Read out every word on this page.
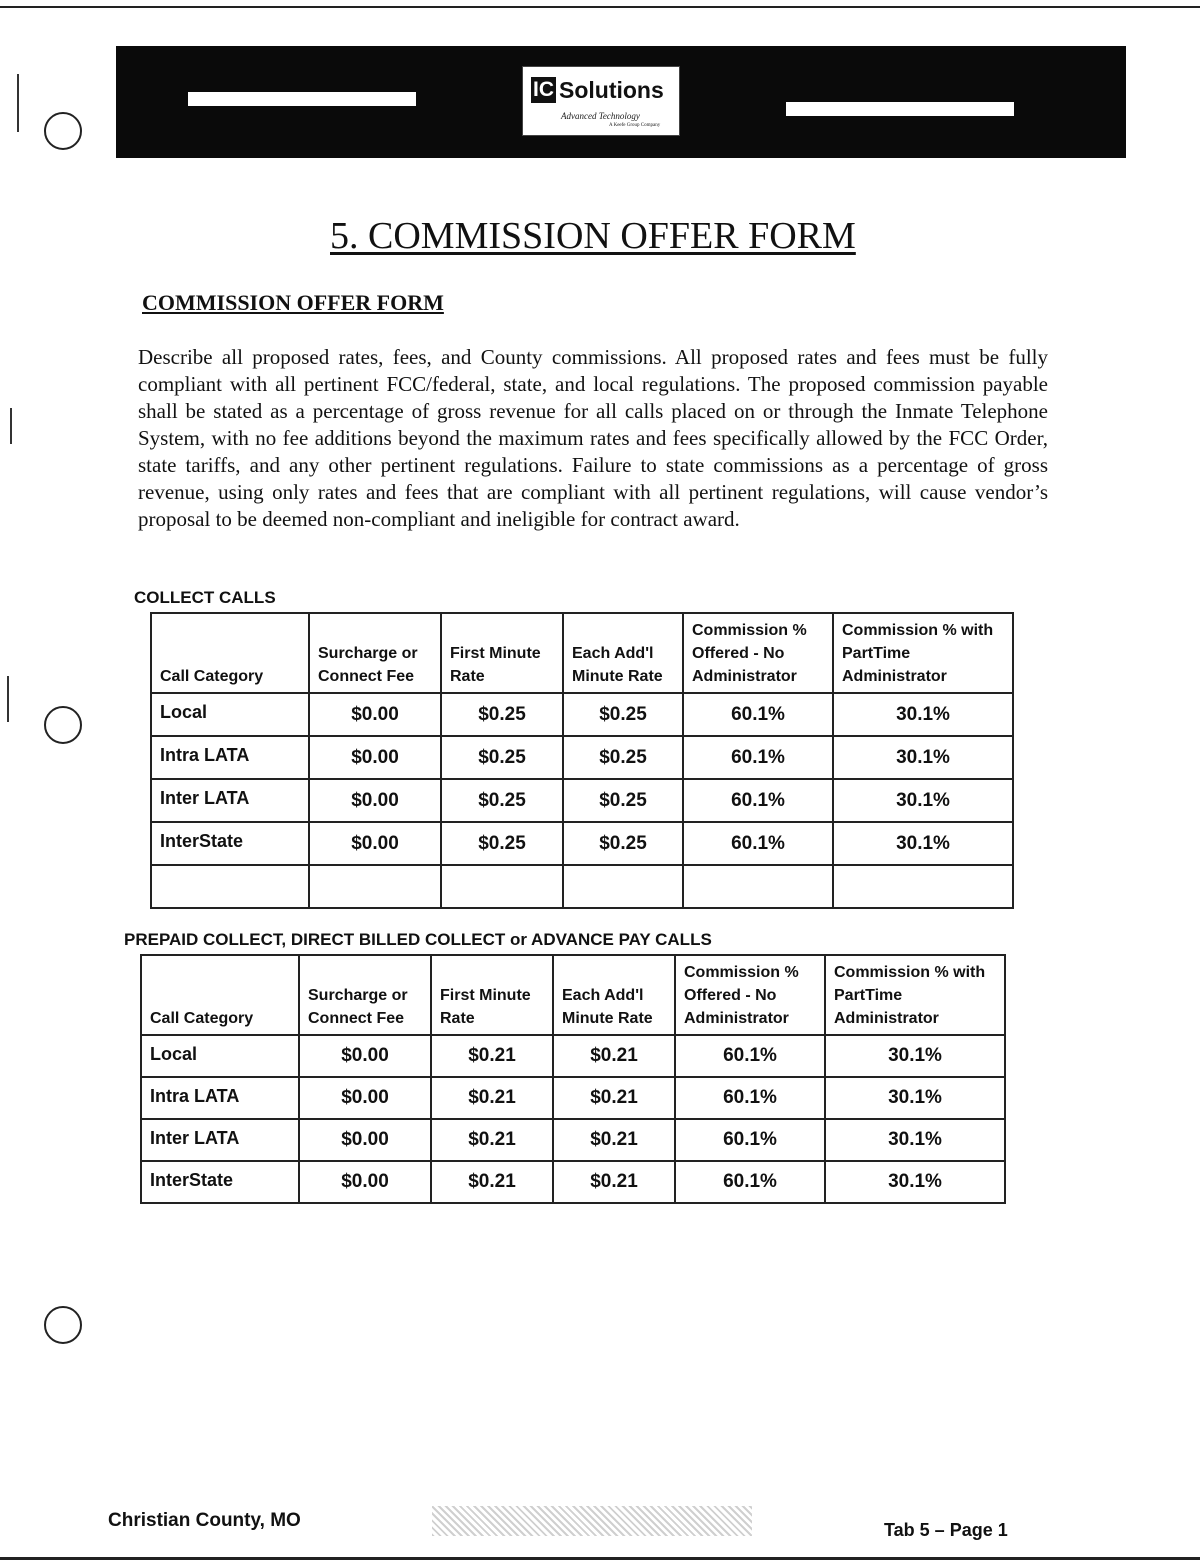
IC Solutions
Advanced Technology
A Keefe Group Company
5. COMMISSION OFFER FORM
COMMISSION OFFER FORM

Describe all proposed rates, fees, and County commissions. All proposed rates and fees must be fully compliant with all pertinent FCC/federal, state, and local regulations. The proposed commission payable shall be stated as a percentage of gross revenue for all calls placed on or through the Inmate Telephone System, with no fee additions beyond the maximum rates and fees specifically allowed by the FCC Order, state tariffs, and any other pertinent regulations. Failure to state commissions as a percentage of gross revenue, using only rates and fees that are compliant with all pertinent regulations, will cause vendor’s proposal to be deemed non-compliant and ineligible for contract award.

COLLECT CALLS
Call Category	Surcharge or Connect Fee	First Minute Rate	Each Add'l Minute Rate	Commission % Offered - No Administrator	Commission % with PartTime Administrator
Local	$0.00	$0.25	$0.25	60.1%	30.1%
Intra LATA	$0.00	$0.25	$0.25	60.1%	30.1%
Inter LATA	$0.00	$0.25	$0.25	60.1%	30.1%
InterState	$0.00	$0.25	$0.25	60.1%	30.1%

PREPAID COLLECT, DIRECT BILLED COLLECT or ADVANCE PAY CALLS
Call Category	Surcharge or Connect Fee	First Minute Rate	Each Add'l Minute Rate	Commission % Offered - No Administrator	Commission % with PartTime Administrator
Local	$0.00	$0.21	$0.21	60.1%	30.1%
Intra LATA	$0.00	$0.21	$0.21	60.1%	30.1%
Inter LATA	$0.00	$0.21	$0.21	60.1%	30.1%
InterState	$0.00	$0.21	$0.21	60.1%	30.1%
Christian County, MO	Tab 5 – Page 1
